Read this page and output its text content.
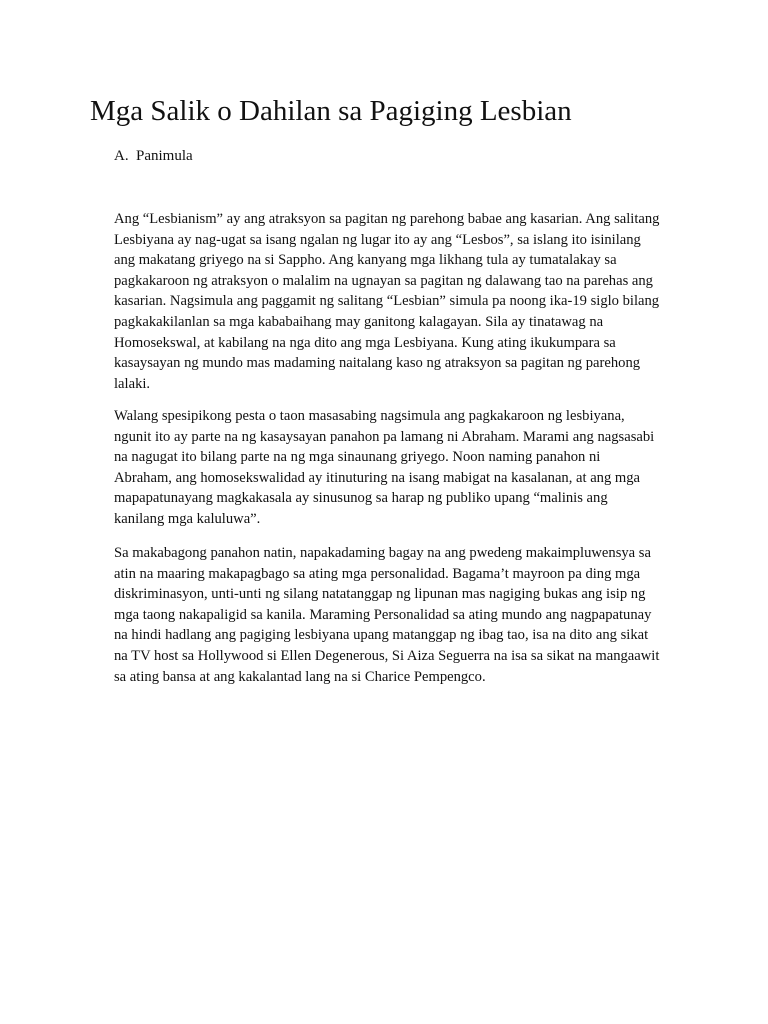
Mga Salik o Dahilan sa Pagiging Lesbian
A. Panimula
Ang “Lesbianism” ay ang atraksyon sa pagitan ng parehong babae ang kasarian. Ang salitang
Lesbiyana ay nag-ugat sa isang ngalan ng lugar ito ay ang “Lesbos”, sa islang ito isinilang
ang makatang griyego na si Sappho. Ang kanyang mga likhang tula ay tumatalakay sa
pagkakaroon ng atraksyon o malalim na ugnayan sa pagitan ng dalawang tao na parehas ang
kasarian. Nagsimula ang paggamit ng salitang “Lesbian” simula pa noong ika-19 siglo bilang
pagkakakilanlan sa mga kababaihang may ganitong kalagayan. Sila ay tinatawag na
Homosekswal, at kabilang na nga dito ang mga Lesbiyana. Kung ating ikukumpara sa
kasaysayan ng mundo mas madaming naitalang kaso ng atraksyon sa pagitan ng parehong
lalaki.
Walang spesipikong pesta o taon masasabing nagsimula ang pagkakaroon ng lesbiyana,
ngunit ito ay parte na ng kasaysayan panahon pa lamang ni Abraham. Marami ang nagsasabi
na nagugat ito bilang parte na ng mga sinaunang griyego. Noon naming panahon ni
Abraham, ang homosekswalidad ay itinuturing na isang mabigat na kasalanan, at ang mga
mapapatunayang magkakasala ay sinusunog sa harap ng publiko upang “malinis ang
kanilang mga kaluluwa”.
Sa makabagong panahon natin, napakadaming bagay na ang pwedeng makaimpluwensya sa
atin na maaring makapagbago sa ating mga personalidad. Bagama’t mayroon pa ding mga
diskriminasyon, unti-unti ng silang natatanggap ng lipunan mas nagiging bukas ang isip ng
mga taong nakapaligid sa kanila. Maraming Personalidad sa ating mundo ang nagpapatunay
na hindi hadlang ang pagiging lesbiyana upang matanggap ng ibag tao, isa na dito ang sikat
na TV host sa Hollywood si Ellen Degenerous, Si Aiza Seguerra na isa sa sikat na mangaawit
sa ating bansa at ang kakalantad lang na si Charice Pempengco.
